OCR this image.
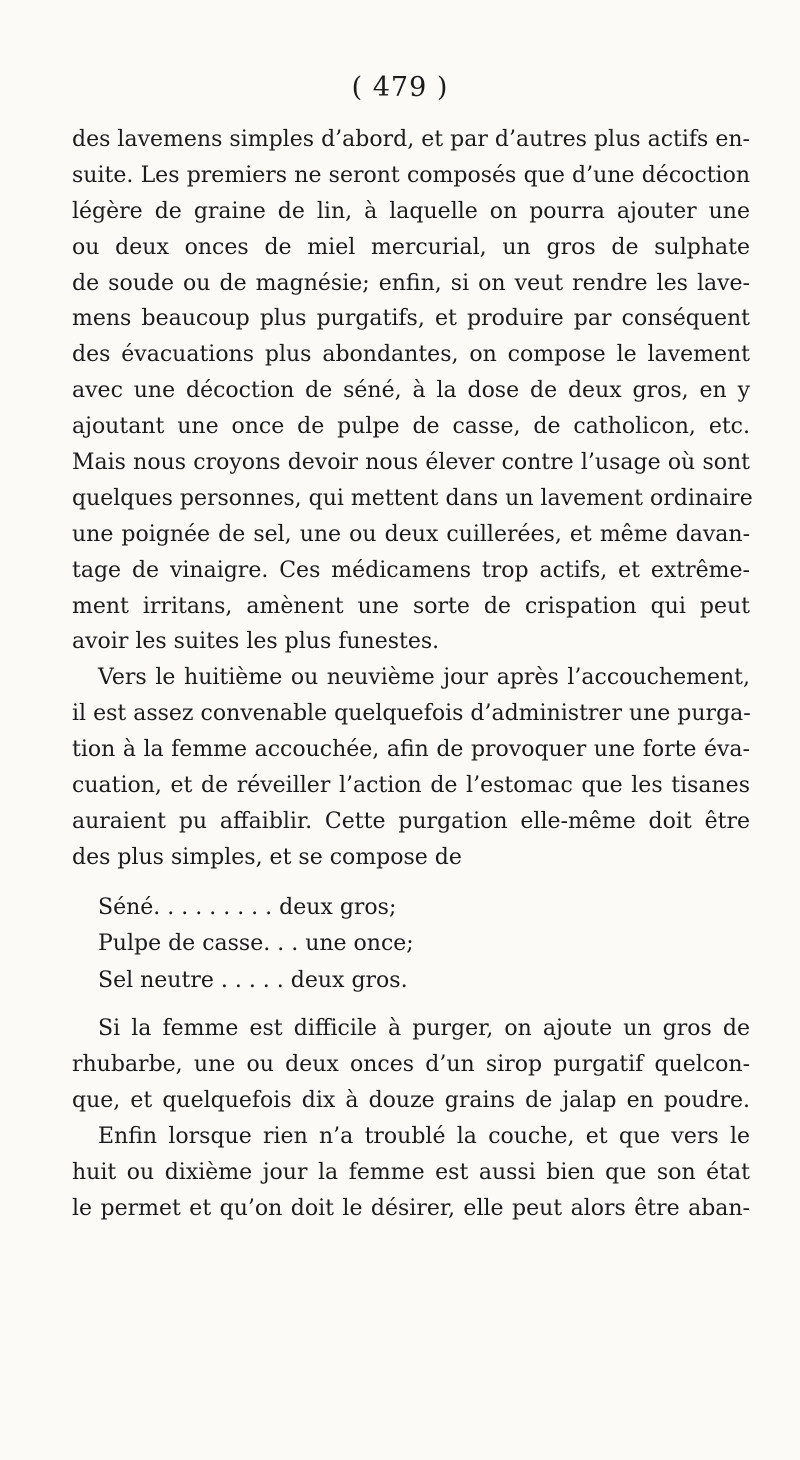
( 479 )
des lavemens simples d’abord, et par d’autres plus actifs en-
suite. Les premiers ne seront composés que d’une décoction
légère de graine de lin, à laquelle on pourra ajouter une
ou deux onces de miel mercurial, un gros de sulphate
de soude ou de magnésie; enfin, si on veut rendre les lave-
mens beaucoup plus purgatifs, et produire par conséquent
des évacuations plus abondantes, on compose le lavement
avec une décoction de séné, à la dose de deux gros, en y
ajoutant une once de pulpe de casse, de catholicon, etc.
Mais nous croyons devoir nous élever contre l’usage où sont
quelques personnes, qui mettent dans un lavement ordinaire
une poignée de sel, une ou deux cuillerées, et même davan-
tage de vinaigre. Ces médicamens trop actifs, et extrême-
ment irritans, amènent une sorte de crispation qui peut
avoir les suites les plus funestes.
Vers le huitième ou neuvième jour après l’accouchement,
il est assez convenable quelquefois d’administrer une purga-
tion à la femme accouchée, afin de provoquer une forte éva-
cuation, et de réveiller l’action de l’estomac que les tisanes
auraient pu affaiblir. Cette purgation elle-même doit être
des plus simples, et se compose de
Séné. . . . . . . . . deux gros;
Pulpe de casse. . . une once;
Sel neutre . . . . . deux gros.
Si la femme est difficile à purger, on ajoute un gros de
rhubarbe, une ou deux onces d’un sirop purgatif quelcon-
que, et quelquefois dix à douze grains de jalap en poudre.
Enfin lorsque rien n’a troublé la couche, et que vers le
huit ou dixième jour la femme est aussi bien que son état
le permet et qu’on doit le désirer, elle peut alors être aban-
